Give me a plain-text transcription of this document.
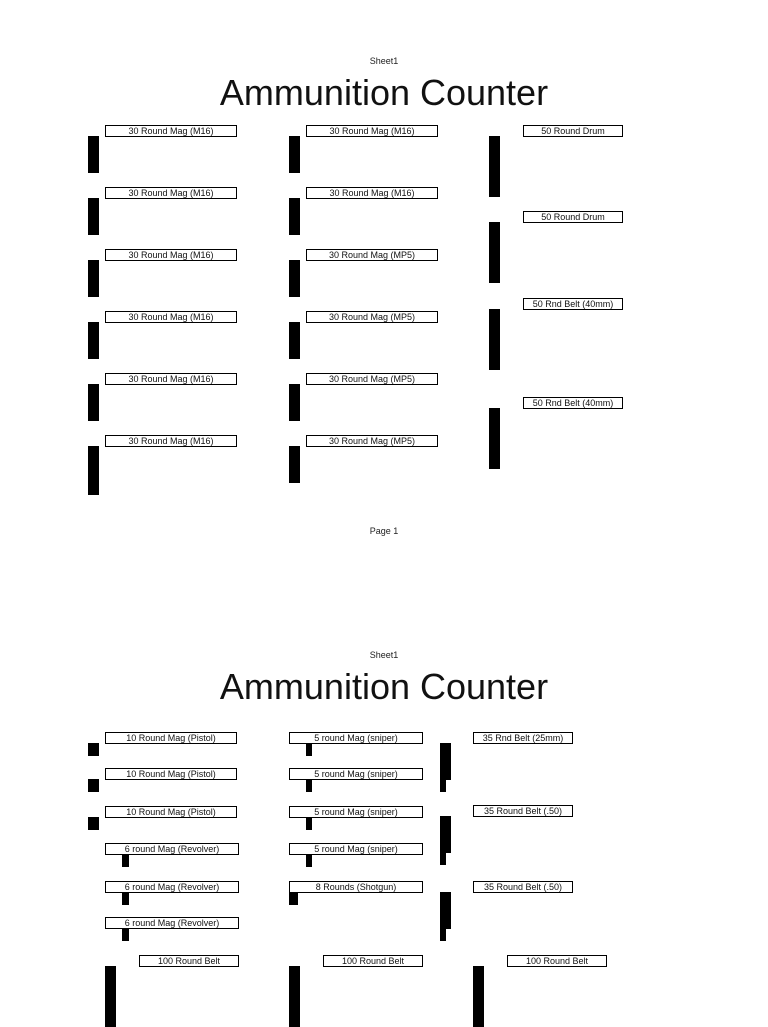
Sheet1
Ammunition Counter
Page 1
Sheet1
Ammunition Counter
30 Round Mag (M16)

30 Round Mag (M16)

30 Round Mag (M16)

30 Round Mag (M16)

30 Round Mag (M16)

30 Round Mag (M16)

30 Round Mag (M16)

30 Round Mag (M16)

30 Round Mag (MP5)

30 Round Mag (MP5)

30 Round Mag (MP5)

30 Round Mag (MP5)

50 Round Drum

50 Round Drum

50 Rnd Belt (40mm)

50 Rnd Belt (40mm)

10 Round Mag (Pistol)

10 Round Mag (Pistol)

10 Round Mag (Pistol)

6 round Mag (Revolver)

6 round Mag (Revolver)

6 round Mag (Revolver)

5 round Mag (sniper)

5 round Mag (sniper)

5 round Mag (sniper)

5 round Mag (sniper)

8 Rounds (Shotgun)

35 Rnd Belt (25mm)

35 Round Belt (.50)

35 Round Belt (.50)

100 Round Belt

										100 Round Belt

										100 Round Belt
